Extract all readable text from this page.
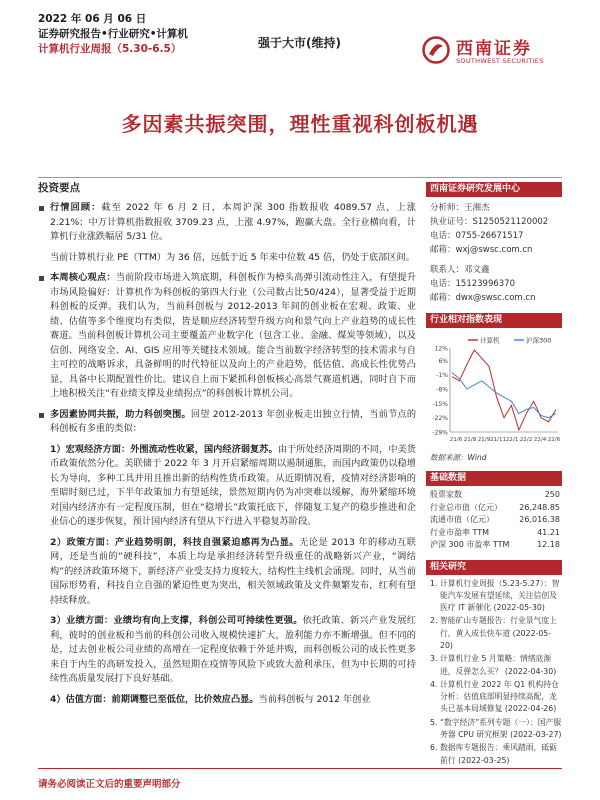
2022 年 06 月 06 日
证券研究报告•行业研究•计算机
计算机行业周报（5.30-6.5）	强于大市(维持)	西南证券
SOUTHWEST SECURITIES
多因素共振突围，理性重视科创板机遇
投资要点
行情回顾：截至 2022 年 6 月 2 日，本周沪深 300 指数报收 4089.57 点，上涨 2.21%；中万计算机指数报收 3709.23 点，上涨 4.97%，跑赢大盘。全行业横向看，计算机行业涨跌幅居 5/31 位。
当前计算机行业 PE（TTM）为 36 倍，远低于近 5 年来中位数 45 倍，仍处于底部区间。
本周核心观点：当前阶段市场进入筑底期，科创板作为樟头高弹引流动性注入，有望提升市场风险偏好：计算机作为科创板的第四大行业（公司数占比50/424），显著受益于近期科创板的反弹。我们认为，当前科创板与 2012-2013 年间的创业板在宏观、政策、业绩、估值等多个维度均有类似，皆是顺应经济转型升级方向和景气向上产业趋势的成长性赛道。当前科创板计算机公司主要覆盖产业数字化（包含工业、金融、煤炭等领域），以及信创、网络安全、AI、GIS 应用等关键技术领域。能合当前数字经济转型的技术需求与自主可控的战略诉求，具备鲜明的时代特征以及向上的产业趋势，低估值、高成长性优势凸显，具备中长期配置性价比。建议自上而下紧抓科创板核心高景气赛道机遇，同时自下而上地积极关注“有业绩支撑及业绩拐点”的科创板计算机公司。
多因素协同共振，助力科创突围。回望 2012-2013 年创业板走出独立行情，当前节点的科创板有多重的类似：
1）宏观经济方面：外围流动性收紧，国内经济弱复苏。由于所处经济周期的不同，中美货币政策依然分化。美联储于 2022 年 3 月开启紧缩周期以遏制通胀，而国内政策仍以稳增长为导向，多种工具并用且推出新的结构性货币政策。从近期情况看，疫情对经济影响的至暗时刻已过，下半年政策加力有望延续，景然短期内仍为冲突难以缓解，海外紧缩环境对国内经济亦有一定程度压制，但在“稳增长”政策托底下，伴随复工复产的稳步推进和企业信心的逐步恢复，预计国内经济有望从下行进入平稳复苏阶段。
2）政策方面：产业趋势明朗，科技自强紧迫感再为凸显。无论是 2013 年的移动互联网，还是当前的“硬科技”，本质上均是承担经济转型升级重任的战略新兴产业，“调结构”的经济政策环境下，新经济产业受支持力度较大，结构性主线机会涌现。同时，从当前国际形势看，科技自立自强的紧迫性更为突出，相关领域政策及文件频繁发布，红利有望持续释放。
3）业绩方面：业绩均有向上支撑，科创公司可持续性更强。依托政策、新兴产业发展红利，彼时的创业板和当前的科创公司收入规模快速扩大，盈利能力亦不断增强。但不同的是，过去创业板公司业绩的高增在一定程度依赖于外延并购，而科创板公司的成长性更多来自于内生的高研发投入，虽然短期在疫情等风险下或致大盈利承压，但为中长期的可持续性高质量发展打下良好基础。
4）估值方面：前期调整已至低位，比价效应凸显。当前科创板与 2012 年创业
西南证券研究发展中心
分析师：王湘杰
执业证号：S1250521120002
电话：0755-26671517
邮箱：wxj@swsc.com.cn
联系人：邓文鑫
电话：15123996370
邮箱：dwx@swsc.com.cn
行业相对指数表现
12%
6%
-1%
-8%
-15%
-22%
-29%
21/6 21/8 21/9 21/11 22/1 22/2 22/4 22/6
计算机	沪深300
数据来源：Wind
基础数据
股票家数	250
行业总市值（亿元） 26,248.85
流通市值（亿元）	26,016.38
行业市盈率 TTM	41.21
沪深 300 市盈率 TTM	12.18
相关研究
1. 计算机行业周报（5.23-5.27）：智能汽车发展有望延续，关注信创及医疗 IT 新催化 (2022-05-30)
2. 智能矿山专题报告：行业景气度上行，黄入成长快车道 (2022-05-20)
3. 计算机行业 5 月策略：情绪底渐进，反弹怎么买？ (2022-04-30)
4. 计算机行业 2022 年 Q1 机构持仓分析：估值底部明显持续高配，龙头已基本局域修复 (2022-04-26)
5. “数字经济”系列专题（一）：国产服务器 CPU 研究框架 (2022-03-27)
6. 数据库专题报告：乘风踏雨，砥砺前行 (2022-03-25)
请务必阅读正文后的重要声明部分
